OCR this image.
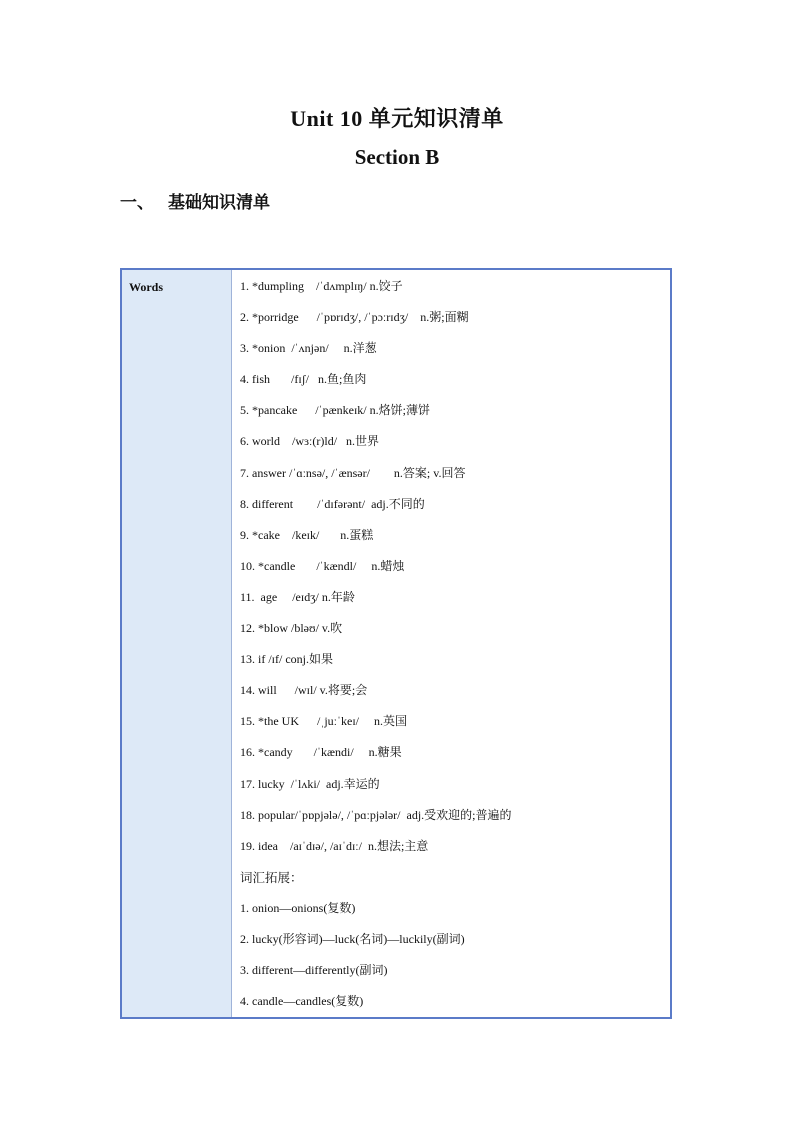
Unit 10 单元知识清单
Section B
一、 基础知识清单
Words	1. *dumpling    /ˈdʌmplɪŋ/ n.饺子
2. *porridge      /ˈpɒrɪdʒ/, /ˈpɔːrɪdʒ/    n.粥;面糊
3. *onion  /ˈʌnjən/     n.洋葱
4. fish       /fɪʃ/   n.鱼;鱼肉
5. *pancake      /ˈpænkeɪk/ n.烙饼;薄饼
6. world    /wɜː(r)ld/   n.世界
7. answer /ˈɑːnsə/, /ˈænsər/        n.答案; v.回答
8. different        /ˈdɪfərənt/  adj.不同的
9. *cake    /keɪk/       n.蛋糕
10. *candle       /ˈkændl/     n.蜡烛
11.  age     /eɪdʒ/ n.年龄
12. *blow /bləʊ/ v.吹
13. if /ɪf/ conj.如果
14. will      /wɪl/ v.将要;会
15. *the UK      /ˌjuːˈkeɪ/     n.英国
16. *candy       /ˈkændi/     n.糖果
17. lucky  /ˈlʌki/  adj.幸运的
18. popular/ˈpɒpjələ/, /ˈpɑːpjələr/  adj.受欢迎的;普遍的
19. idea    /aɪˈdɪə/, /aɪˈdɪː/  n.想法;主意
词汇拓展：
1. onion—onions(复数)
2. lucky(形容词)—luck(名词)—luckily(副词)
3. different—differently(副词)
4. candle—candles(复数)
